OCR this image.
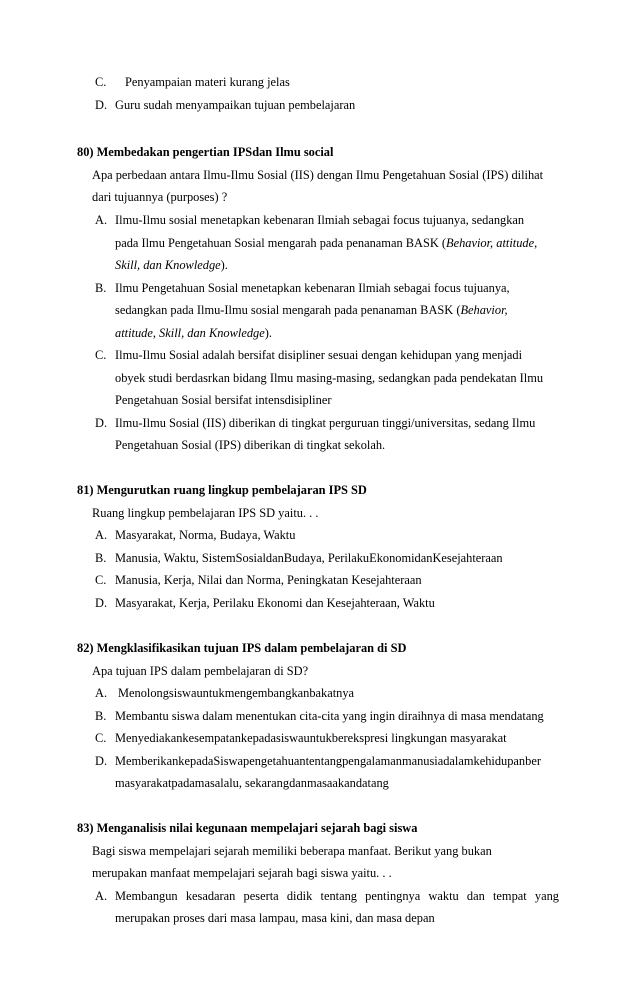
C. Penyampaian materi kurang jelas
D. Guru sudah menyampaikan tujuan pembelajaran
80) Membedakan pengertian IPSdan Ilmu social
Apa perbedaan antara Ilmu-Ilmu Sosial (IIS) dengan Ilmu Pengetahuan Sosial (IPS) dilihat
dari tujuannya (purposes) ?
A. Ilmu-Ilmu sosial menetapkan kebenaran Ilmiah sebagai focus tujuanya, sedangkan
pada Ilmu Pengetahuan Sosial mengarah pada penanaman BASK (Behavior, attitude,
Skill, dan Knowledge).
B. Ilmu Pengetahuan Sosial menetapkan kebenaran Ilmiah sebagai focus tujuanya,
sedangkan pada Ilmu-Ilmu sosial mengarah pada penanaman BASK (Behavior,
attitude, Skill, dan Knowledge).
C. Ilmu-Ilmu Sosial adalah bersifat disipliner sesuai dengan kehidupan yang menjadi
obyek studi berdasrkan bidang Ilmu masing-masing, sedangkan pada pendekatan Ilmu
Pengetahuan Sosial bersifat intensdisipliner
D. Ilmu-Ilmu Sosial (IIS) diberikan di tingkat perguruan tinggi/universitas, sedang Ilmu
Pengetahuan Sosial (IPS) diberikan di tingkat sekolah.
81) Mengurutkan ruang lingkup pembelajaran IPS SD
Ruang lingkup pembelajaran IPS SD yaitu. . .
A. Masyarakat, Norma, Budaya, Waktu
B. Manusia, Waktu, SistemSosialdanBudaya, PerilakuEkonomidanKesejahteraan
C. Manusia, Kerja, Nilai dan Norma, Peningkatan Kesejahteraan
D. Masyarakat, Kerja, Perilaku Ekonomi dan Kesejahteraan, Waktu
82) Mengklasifikasikan tujuan IPS dalam pembelajaran di SD
Apa tujuan IPS dalam pembelajaran di SD?
A. Menolongsiswauntukmengembangkanbakatnya
B. Membantu siswa dalam menentukan cita-cita yang ingin diraihnya di masa mendatang
C. Menyediakankesempatankepadasiswauntukberekspresi lingkungan masyarakat
D. MemberikankepadaSiswapengetahuantentangpengalamanmanusiadalamkehidupanber
masyarakatpadamasalalu, sekarangdanmasaakandatang
83) Menganalisis nilai kegunaan mempelajari sejarah bagi siswa
Bagi siswa mempelajari sejarah memiliki beberapa manfaat. Berikut yang bukan
merupakan manfaat mempelajari sejarah bagi siswa yaitu. . .
A. Membangun kesadaran peserta didik tentang pentingnya waktu dan tempat yang
merupakan proses dari masa lampau, masa kini, dan masa depan
